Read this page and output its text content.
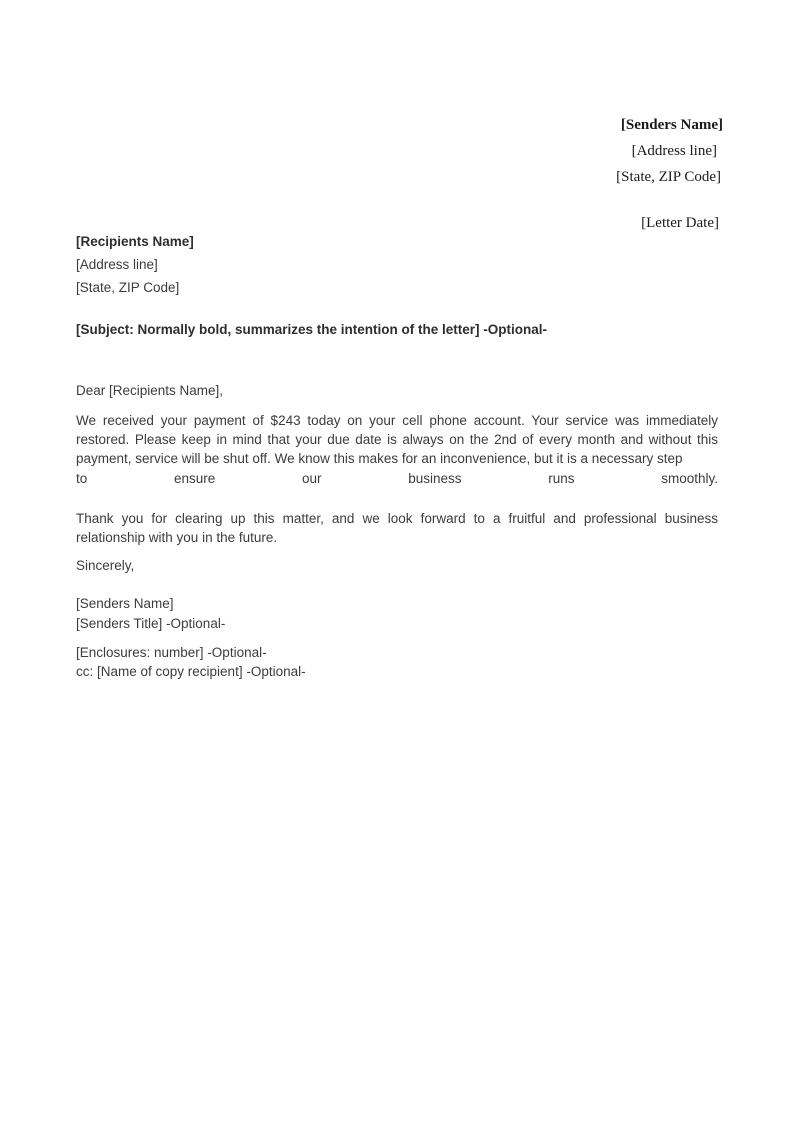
[Senders Name]
[Address line]
[State, ZIP Code]
[Letter Date]
[Recipients Name]
[Address line]
[State, ZIP Code]
[Subject: Normally bold, summarizes the intention of the letter] -Optional-
Dear [Recipients Name],
We received your payment of $243 today on your cell phone account. Your service was immediately restored. Please keep in mind that your due date is always on the 2nd of every month and without this payment, service will be shut off. We know this makes for an inconvenience, but it is a necessary step
to ensure our business runs smoothly.
Thank you for clearing up this matter, and we look forward to a fruitful and professional business relationship with you in the future.
Sincerely,
[Senders Name]
[Senders Title] -Optional-
[Enclosures: number] -Optional-
cc: [Name of copy recipient] -Optional-
